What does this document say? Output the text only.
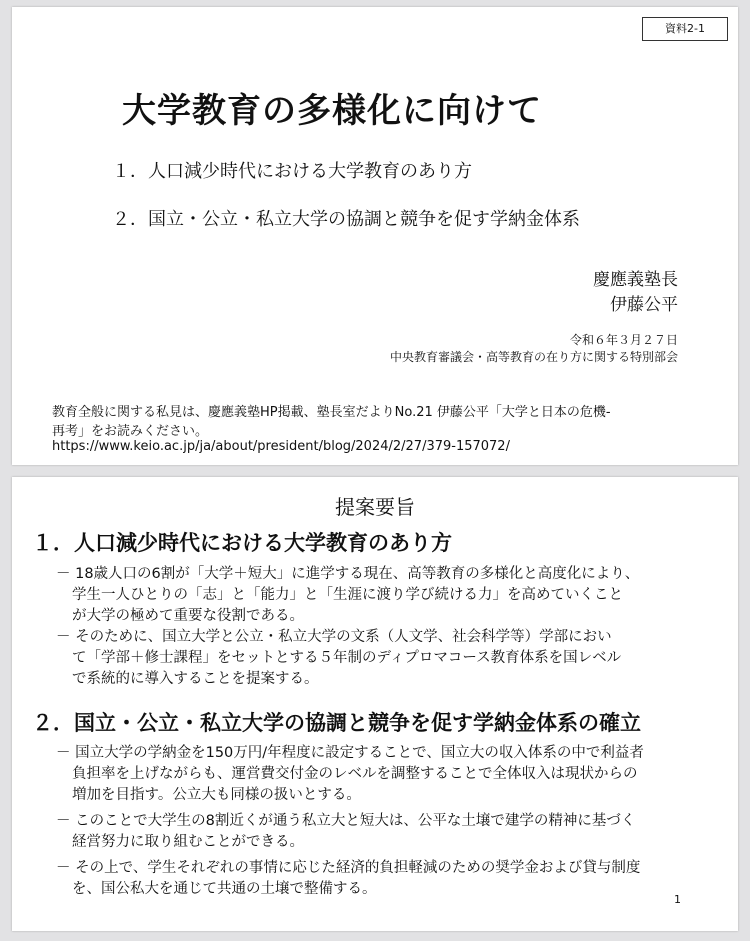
資料2-1
大学教育の多様化に向けて
１．人口減少時代における大学教育のあり方
２．国立・公立・私立大学の協調と競争を促す学納金体系
慶應義塾長
伊藤公平
令和６年３月２７日
中央教育審議会・高等教育の在り方に関する特別部会
教育全般に関する私見は、慶應義塾HP掲載、塾長室だよりNo.21 伊藤公平「大学と日本の危機-
再考」をお読みください。
https://www.keio.ac.jp/ja/about/president/blog/2024/2/27/379-157072/
提案要旨
１．人口減少時代における大学教育のあり方
－ 18歳人口の6割が「大学＋短大」に進学する現在、高等教育の多様化と高度化により、
学生一人ひとりの「志」と「能力」と「生涯に渡り学び続ける力」を高めていくこと
が大学の極めて重要な役割である。
－ そのために、国立大学と公立・私立大学の文系（人文学、社会科学等）学部におい
て「学部＋修士課程」をセットとする５年制のディプロマコース教育体系を国レベル
で系統的に導入することを提案する。
２．国立・公立・私立大学の協調と競争を促す学納金体系の確立
－ 国立大学の学納金を150万円/年程度に設定することで、国立大の収入体系の中で利益者
負担率を上げながらも、運営費交付金のレベルを調整することで全体収入は現状からの
増加を目指す。公立大も同様の扱いとする。
－ このことで大学生の8割近くが通う私立大と短大は、公平な土壌で建学の精神に基づく
経営努力に取り組むことができる。
－ その上で、学生それぞれの事情に応じた経済的負担軽減のための奨学金および貸与制度
を、国公私大を通じて共通の土壌で整備する。
1
